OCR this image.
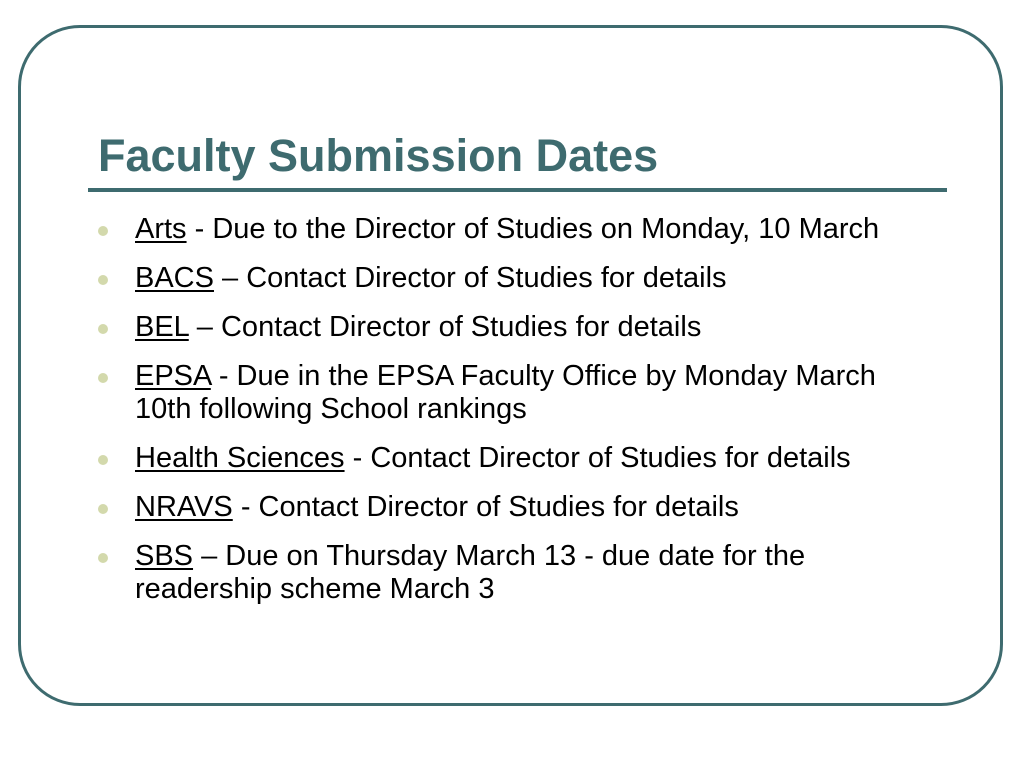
Faculty Submission Dates
Arts - Due to the Director of Studies on Monday, 10 March
BACS – Contact Director of Studies for details
BEL – Contact Director of Studies for details
EPSA - Due in the EPSA Faculty Office by Monday March 10th following School rankings
Health Sciences - Contact Director of Studies for details
NRAVS - Contact Director of Studies for details
SBS – Due on Thursday March 13 - due date for the readership scheme March 3
